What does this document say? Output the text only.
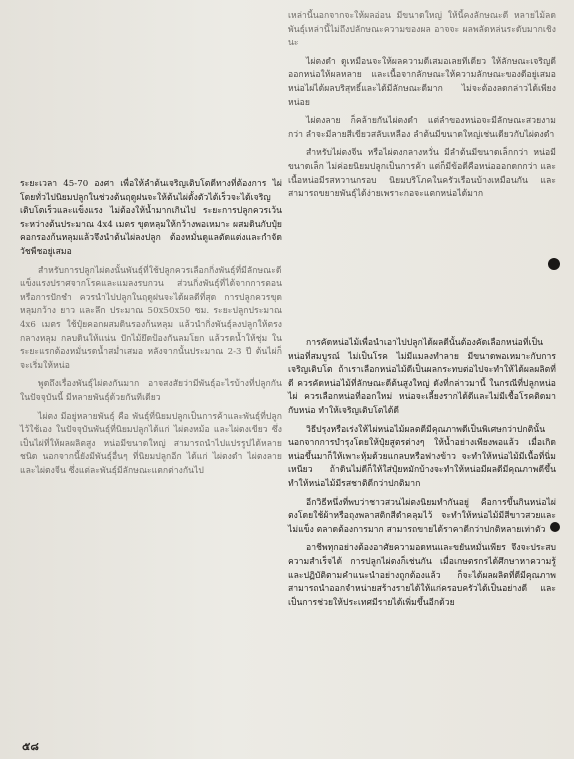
เหล่านี้นอกจากจะให้ผลอ่อน มีขนาดใหญ่ ให้นี้คงลักษณะดี หลายไม้ลดพันธุ์เหล่านี้ไม่ถึงปลักษณะความของผล อาจจะ ผลพลัดหล่นระดับมากเชิงนะ

ไผ่ตงดำ ดูเหมือนจะให้ผลความดีเสมอเลยทีเดียว ให้ลักษณะเจริญดีออกหน่อให้ผลหลาย และเนื้อจากลักษณะให้ความลักษณะของดีอยู่เสมอ หน่อไผ่ได้ผลบริสุทธิ์และได้มีลักษณะดีมาก ไม่จะต้องลดกล่าวได้เพียงหน่อย

ไผ่ตงลาย ก็คล้ายกันไผ่ตงดำ แต่ลำของหน่อจะมีลักษณะสวยงามกว่า ลำจะมีลายสีเขียวสลับเหลือง ลำต้นมีขนาดใหญ่เช่นเดียวกับไผ่ตงดำ

สำหรับไผ่ตงจีน หรือไผ่ตงกลางหวั่น มีลำต้นมีขนาดเล็กกว่า หน่อมีขนาดเล็ก ไม่ค่อยนิยมปลูกเป็นการค้า แต่ก็มีข้อดีคือหน่อออกดกกว่า และเนื้อหน่อมีรสหวานกรอบ นิยมบริโภคในครัวเรือนบ้างเหมือนกัน และสามารถขยายพันธุ์ได้ง่ายเพราะกอจะแตกหน่อได้มาก

การคัดหน่อไม้เพื่อนำเอาไปปลูกได้ผลดีนั้นต้องคัดเลือกหน่อที่เป็นหน่อที่สมบูรณ์ ไม่เป็นโรค ไม่มีแมลงทำลาย มีขนาดพอเหมาะกับการเจริญเติบโต ถ้าเราเลือกหน่อไม้ดีเป็นผลกระทบต่อไปจะทำให้ได้ผลผลิตที่ดี ควรคัดหน่อไม้ที่ลักษณะดีต้นสูงใหญ่ ดังที่กล่าวมานี้ ในกรณีที่ปลูกหน่อไผ่ ควรเลือกหน่อที่ออกใหม่ หน่อจะเลี้ยงรากได้ดีและไม่มีเชื้อโรคติดมากับหน่อ ทำให้เจริญเติบโตได้ดี

วิธีปรุงหรือเร่งให้ไผ่หน่อไม้ผลตดีมีคุณภาพดีเป็นพิเศษกว่าปกตินั้น นอกจากการบำรุงโดยให้ปุ๋ยสูตรต่างๆ ให้น้ำอย่างเพียงพอแล้ว เมื่อเกิดหน่อขึ้นมาก็ให้เพาะหุ้มด้วยแกลบหรือฟางข้าว จะทำให้หน่อไม้มีเนื้อที่นิ่มเหนียว ถ้าดินไม่ดีก็ให้ใส่ปุ๋ยหมักบ้างจะทำให้หน่อมีผลดีมีคุณภาพดีขึ้น ทำให้หน่อไม้มีรสชาติดีกว่าปกติมาก

อีกวิธีหนึ่งที่พบว่าชาวสวนไผ่ตงนิยมทำกันอยู่ คือการขึ้นกินหน่อไผ่ตงโดยใช้ผ้าหรือถุงพลาสติกสีดำคลุมไว้ จะทำให้หน่อไม้มีสีขาวสวยและไม่แข็ง ตลาดต้องการมาก สามารถขายได้ราคาดีกว่าปกติหลายเท่าตัว

อาชีพทุกอย่างต้องอาศัยความอดทนและขยันหมั่นเพียร จึงจะประสบความสำเร็จได้ การปลูกไผ่ตงก็เช่นกัน เมื่อเกษตรกรได้ศึกษาหาความรู้และปฏิบัติตามคำแนะนำอย่างถูกต้องแล้ว ก็จะได้ผลผลิตที่ดีมีคุณภาพ สามารถนำออกจำหน่ายสร้างรายได้ให้แก่ครอบครัวได้เป็นอย่างดี และเป็นการช่วยให้ประเทศมีรายได้เพิ่มขึ้นอีกด้วย

ระยะเวลา 45-70 องศา เพื่อให้ลำต้นเจริญเติบโตดีทางที่ต้องการ ไผ่โดยทั่วไปนิยมปลูกในช่วงต้นฤดูฝนจะให้ต้นไผ่ตั้งตัวได้เร็วจะได้เจริญเติบโตเร็วและแข็งแรง ไม่ต้องให้น้ำมากเกินไป ระยะการปลูกควรเว้นระหว่างต้นประมาณ 4x4 เมตร ขุดหลุมให้กว้างพอเหมาะ ผสมดินกับปุ๋ยคอกรองก้นหลุมแล้วจึงนำต้นไผ่ลงปลูก ต้องหมั่นดูแลตัดแต่งและกำจัดวัชพืชอยู่เสมอ

สำหรับการปลูกไผ่ตงนั้นพันธุ์ที่ใช้ปลูกควรเลือกกิ่งพันธุ์ที่มีลักษณะดีแข็งแรงปราศจากโรคและแมลงรบกวน ส่วนกิ่งพันธุ์ที่ได้จากการตอนหรือการปักชำ ควรนำไปปลูกในฤดูฝนจะได้ผลดีที่สุด การปลูกควรขุดหลุมกว้าง ยาว และลึก ประมาณ 50x50x50 ซม. ระยะปลูกประมาณ 4x6 เมตร ใช้ปุ๋ยคอกผสมดินรองก้นหลุม แล้วนำกิ่งพันธุ์ลงปลูกให้ตรงกลางหลุม กลบดินให้แน่น ปักไม้ยึดป้องกันลมโยก แล้วรดน้ำให้ชุ่ม ในระยะแรกต้องหมั่นรดน้ำสม่ำเสมอ หลังจากนั้นประมาณ 2-3 ปี ต้นไผ่ก็จะเริ่มให้หน่อ

พูดถึงเรื่องพันธุ์ไผ่ตงกันมาก อาจสงสัยว่ามีพันธุ์อะไรบ้างที่ปลูกกันในปัจจุบันนี้ มีหลายพันธุ์ด้วยกันทีเดียว

ไผ่ตง มีอยู่หลายพันธุ์ คือ พันธุ์ที่นิยมปลูกเป็นการค้าและพันธุ์ที่ปลูกไว้ใช้เอง ในปัจจุบันพันธุ์ที่นิยมปลูกได้แก่ ไผ่ตงหม้อ และไผ่ตงเขียว ซึ่งเป็นไผ่ที่ให้ผลผลิตสูง หน่อมีขนาดใหญ่ สามารถนำไปแปรรูปได้หลายชนิด นอกจากนี้ยังมีพันธุ์อื่นๆ ที่นิยมปลูกอีก ได้แก่ ไผ่ตงดำ ไผ่ตงลาย และไผ่ตงจีน ซึ่งแต่ละพันธุ์มีลักษณะแตกต่างกันไป

๕๘
